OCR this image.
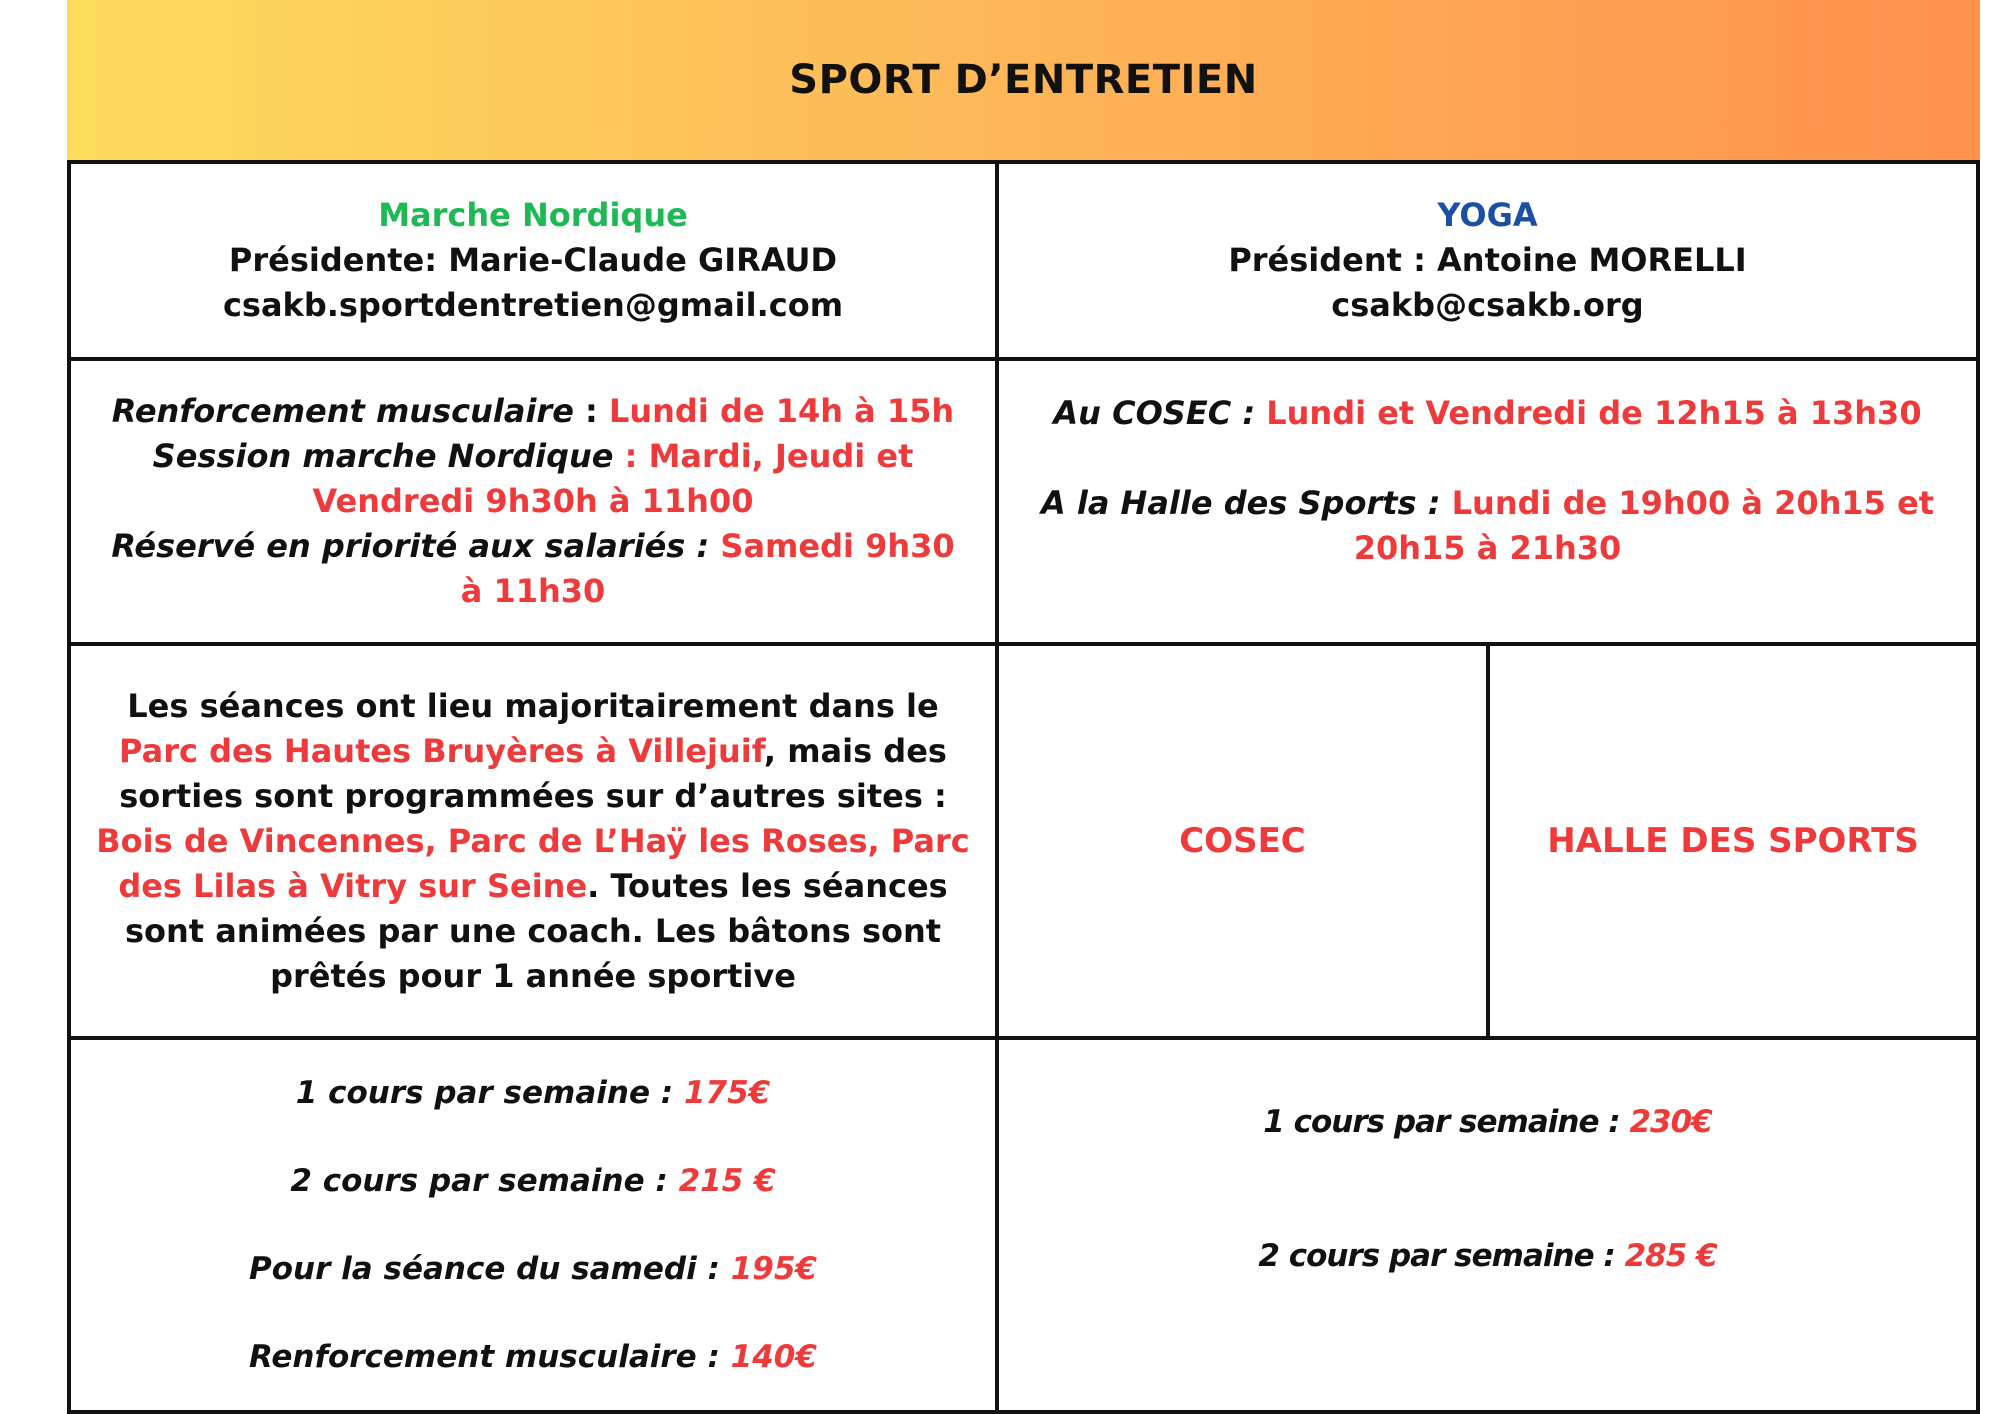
SPORT D’ENTRETIEN
Marche Nordique
Présidente: Marie-Claude GIRAUD
csakb.sportdentretien@gmail.com
YOGA
Président : Antoine MORELLI
csakb@csakb.org

Renforcement musculaire : Lundi de 14h à 15h

Session marche Nordique : Mardi, Jeudi et Vendredi 9h30h à 11h00

Réservé en priorité aux salariés : Samedi 9h30 à 11h30

Au COSEC : Lundi et Vendredi de 12h15 à 13h30

A la Halle des Sports : Lundi de 19h00 à 20h15 et 20h15 à 21h30

Les séances ont lieu majoritairement dans le Parc des Hautes Bruyères à Villejuif, mais des sorties sont programmées sur d’autres sites : Bois de Vincennes, Parc de L’Haÿ les Roses, Parc des Lilas à Vitry sur Seine. Toutes les séances sont animées par une coach. Les bâtons sont prêtés pour 1 année sportive
COSEC	HALLE DES SPORTS

1 cours par semaine : 175€

2 cours par semaine : 215 €

Pour la séance du samedi : 195€

Renforcement musculaire : 140€

1 cours par semaine : 230€

2 cours par semaine : 285 €
